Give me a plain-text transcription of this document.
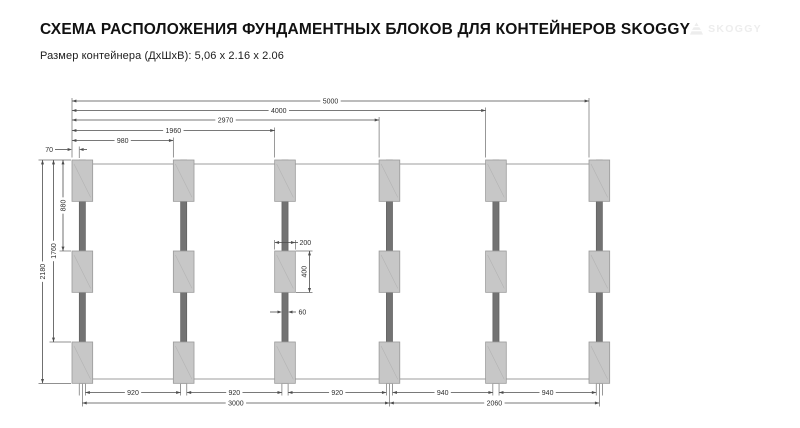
СХЕМА РАСПОЛОЖЕНИЯ ФУНДАМЕНТНЫХ БЛОКОВ ДЛЯ КОНТЕЙНЕРОВ SKOGGY
Размер контейнера (ДхШхВ): 5,06 x 2.16 x 2.06
SKOGGY
980
1960
2970
4000
5000
70
880
1760
2180
200
400
60
920	920	920	940	940
3000	2060
